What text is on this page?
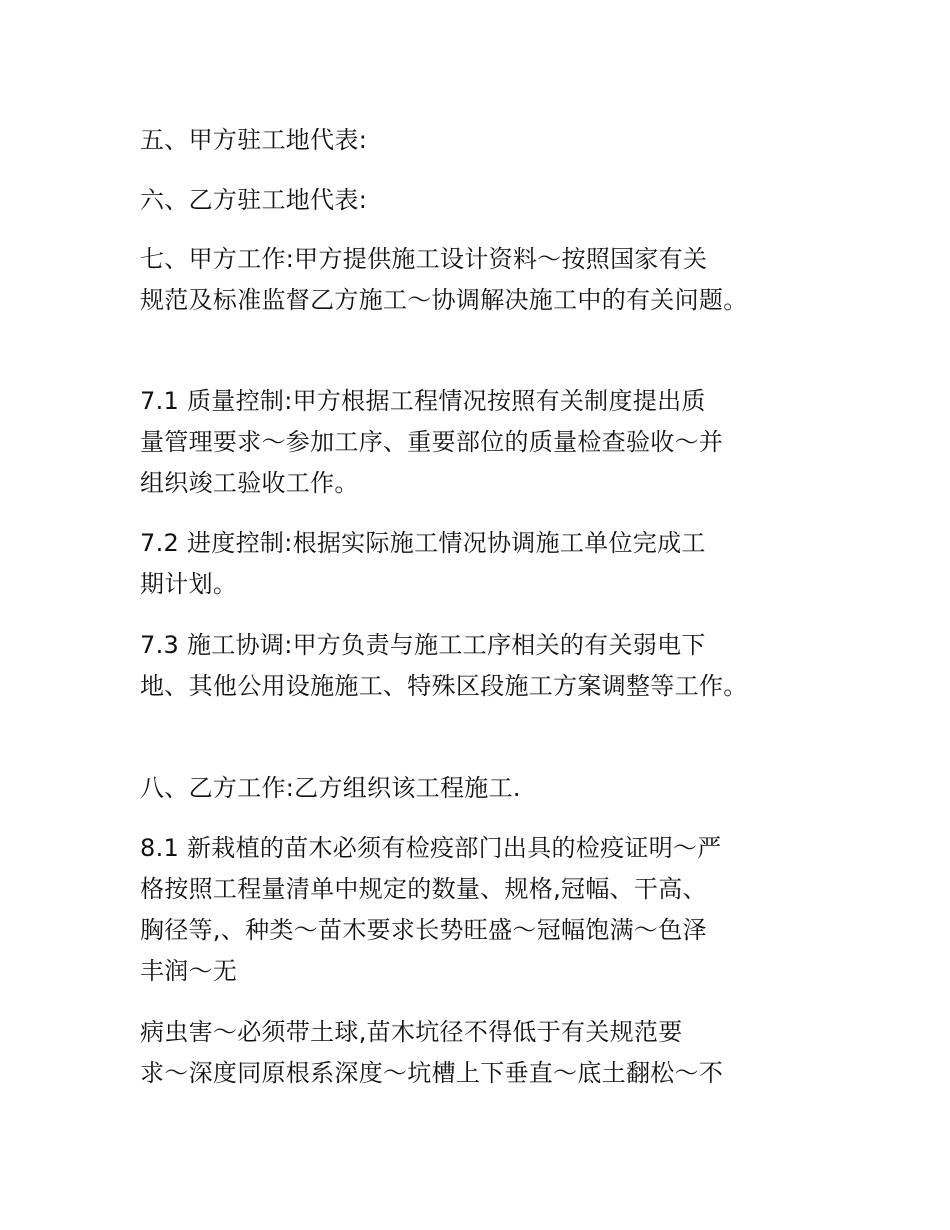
五、甲方驻工地代表:
六、乙方驻工地代表:
七、甲方工作:甲方提供施工设计资料～按照国家有关
规范及标准监督乙方施工～协调解决施工中的有关问题。
7.1 质量控制:甲方根据工程情况按照有关制度提出质
量管理要求～参加工序、重要部位的质量检查验收～并
组织竣工验收工作。
7.2 进度控制:根据实际施工情况协调施工单位完成工
期计划。
7.3 施工协调:甲方负责与施工工序相关的有关弱电下
地、其他公用设施施工、特殊区段施工方案调整等工作。
八、乙方工作:乙方组织该工程施工.
8.1 新栽植的苗木必须有检疫部门出具的检疫证明～严
格按照工程量清单中规定的数量、规格,冠幅、干高、
胸径等,、种类～苗木要求长势旺盛～冠幅饱满～色泽
丰润～无
病虫害～必须带土球,苗木坑径不得低于有关规范要
求～深度同原根系深度～坑槽上下垂直～底土翻松～不
